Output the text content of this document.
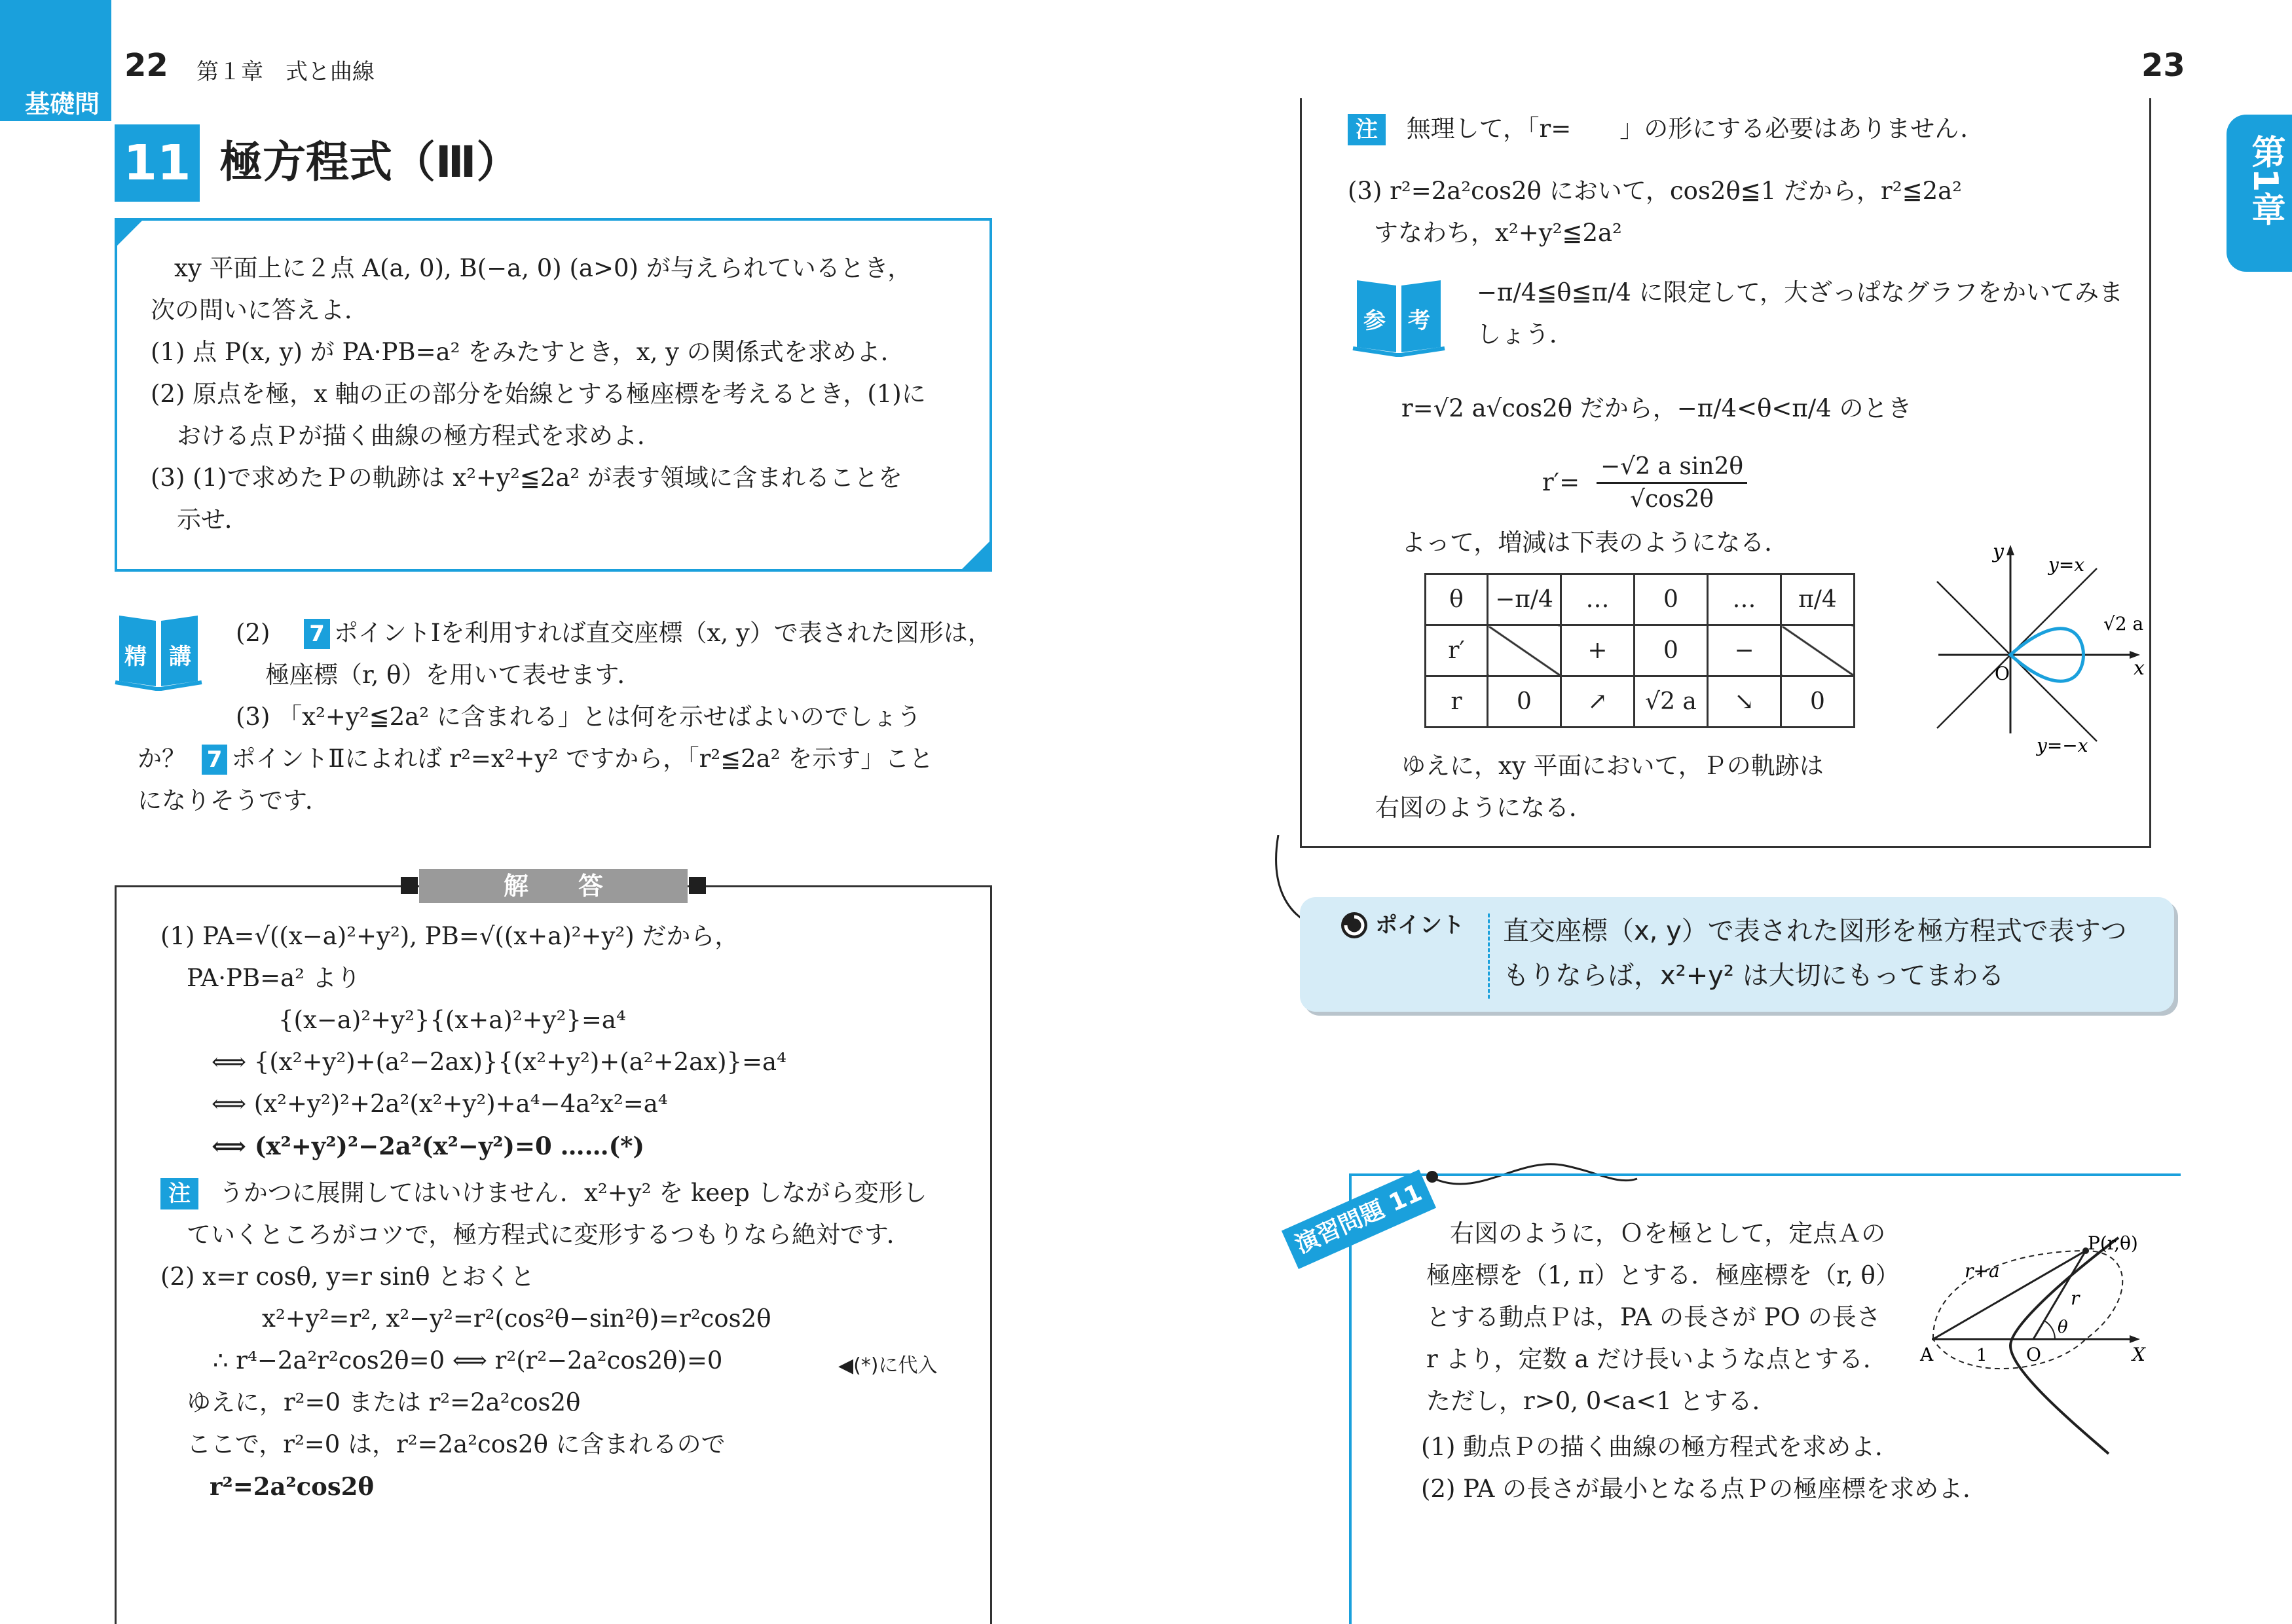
基礎問
22 第１章　式と曲線	23
第1章
11 極方程式（Ⅲ）
xy 平面上に２点 A(a, 0), B(−a, 0) (a>0) が与えられているとき，
次の問いに答えよ．
(1) 点 P(x, y) が PA·PB=a² をみたすとき，x, y の関係式を求めよ．
(2) 原点を極，x 軸の正の部分を始線とする極座標を考えるとき，(1)に
おける点Ｐが描く曲線の極方程式を求めよ．
(3) (1)で求めたＰの軌跡は x²+y²≦2a² が表す領域に含まれることを
示せ．
精 講
(2) 7 ポイントⅠを利用すれば直交座標（x, y）で表された図形は，
極座標（r, θ）を用いて表せます．
(3) 「x²+y²≦2a² に含まれる」とは何を示せばよいのでしょう
か？ 7 ポイントⅡによれば r²=x²+y² ですから，「r²≦2a² を示す」こと
になりそうです．
解　　答
(1) PA=√((x−a)²+y²), PB=√((x+a)²+y²) だから，
PA·PB=a² より
{(x−a)²+y²}{(x+a)²+y²}=a⁴
⟺ {(x²+y²)+(a²−2ax)}{(x²+y²)+(a²+2ax)}=a⁴
⟺ (x²+y²)²+2a²(x²+y²)+a⁴−4a²x²=a⁴
⟺ (x²+y²)²−2a²(x²−y²)=0 ……(*)
注 うかつに展開してはいけません．x²+y² を keep しながら変形し
ていくところがコツで，極方程式に変形するつもりなら絶対です．
(2) x=r cosθ, y=r sinθ とおくと
x²+y²=r², x²−y²=r²(cos²θ−sin²θ)=r²cos2θ
∴ r⁴−2a²r²cos2θ=0 ⟺ r²(r²−2a²cos2θ)=0
ゆえに，r²=0 または r²=2a²cos2θ
ここで，r²=0 は，r²=2a²cos2θ に含まれるので
r²=2a²cos2θ
◀(*)に代入
注 無理して，「r=　　」の形にする必要はありません．
(3) r²=2a²cos2θ において，cos2θ≦1 だから，r²≦2a²
すなわち，x²+y²≦2a²
参 考
−π/4≦θ≦π/4 に限定して，大ざっぱなグラフをかいてみま
しょう．
r=√2 a√cos2θ だから，−π/4<θ<π/4 のとき
$r'= \frac{\text{−√2 a sin2θ}}{√\cos 2\theta}$
よって，増減は下表のようになる．
θ	−π/4	…	0	…	π/4
r′		+	0	−	
r	0	↗	√2 a	↘	0
y
x
O
y=x
y=−x
√2 a
ゆえに，xy 平面において，Ｐの軌跡は
右図のようになる．
ポイント 直交座標（x, y）で表された図形を極方程式で表すつ
もりならば，x²+y² は大切にもってまわる
演習問題 11 右図のように，Ｏを極として，定点Ａの
極座標を（1, π）とする．極座標を（r, θ）
とする動点Ｐは，PA の長さが PO の長さ
r より，定数 a だけ長いような点とする．
ただし，r>0, 0<a<1 とする．
(1) 動点Ｐの描く曲線の極方程式を求めよ．
(2) PA の長さが最小となる点Ｐの極座標を求めよ．
P(r,θ)
A	O	X
1
r+a
r
θ
